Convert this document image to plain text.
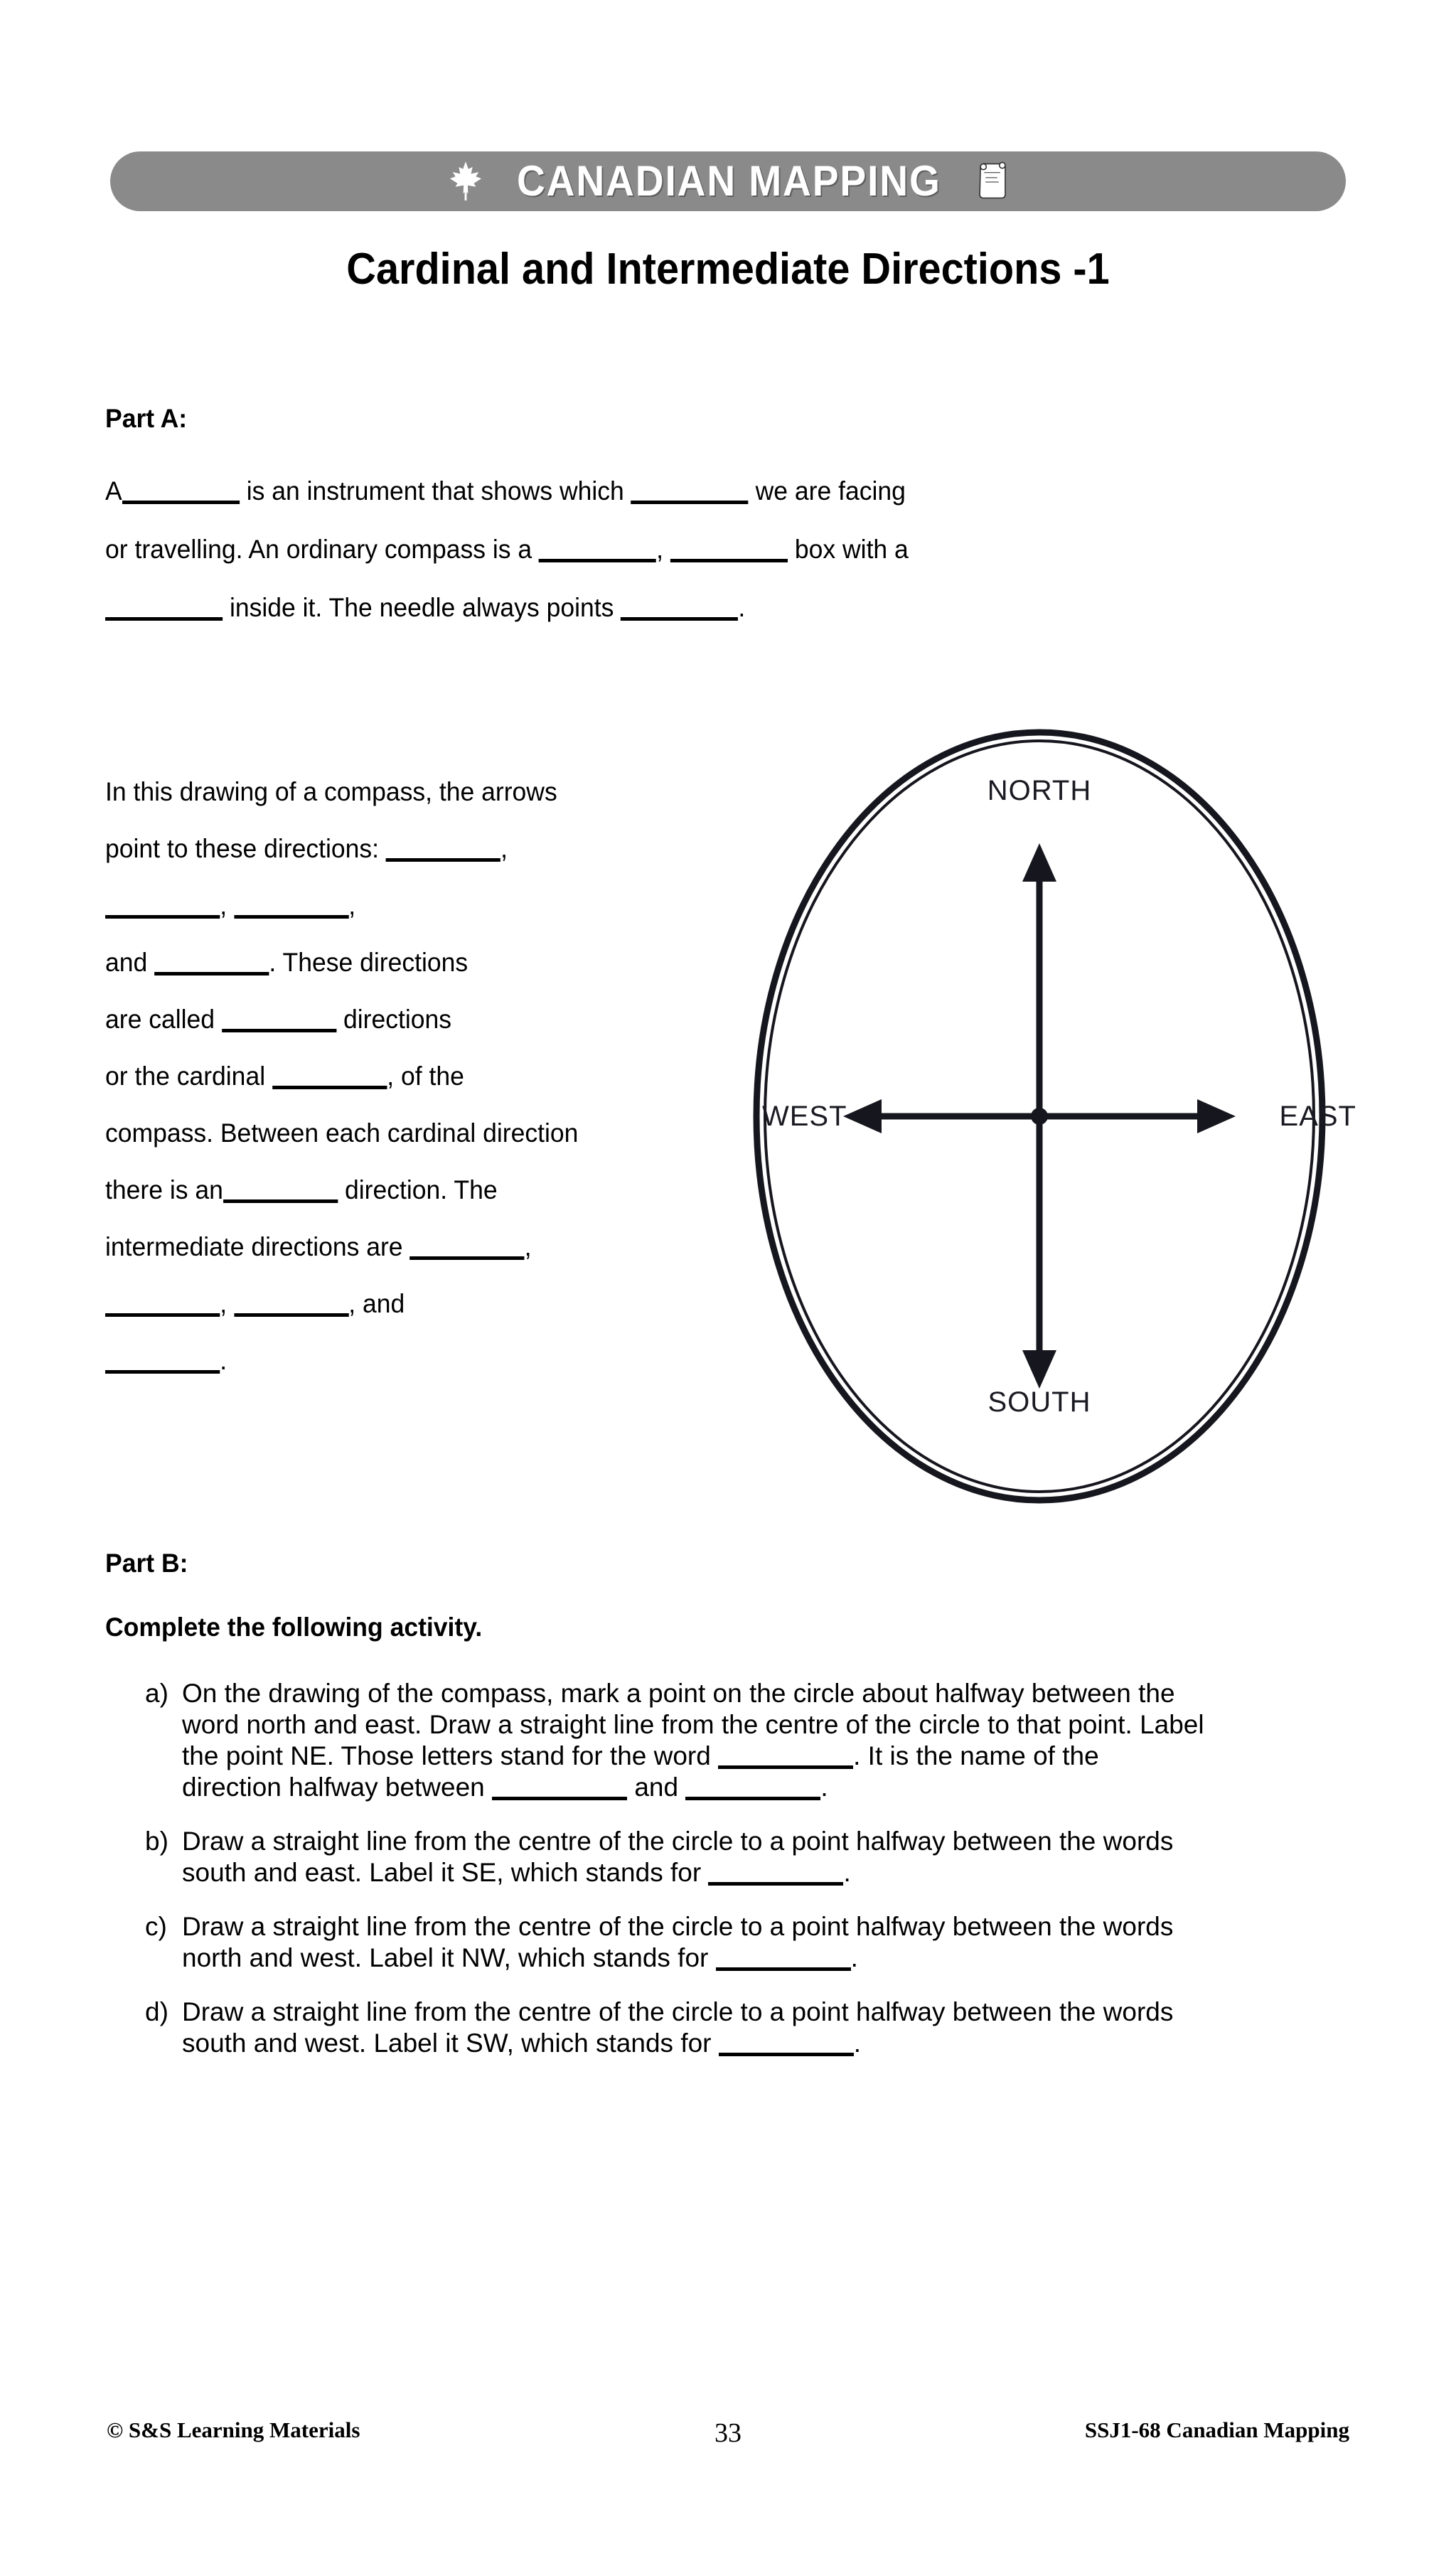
CANADIAN MAPPING
Cardinal and Intermediate Directions -1
Part A:
A	is an instrument that shows which	we are facing
or travelling. An ordinary compass is a	,	box with a
inside it. The needle always points	.
In this drawing of a compass, the arrows
point to these directions:	,
,	,
and	. These directions
are called	directions
or the cardinal	, of the
compass. Between each cardinal direction
there is an	direction. The
intermediate directions are	,
,	, and
.
NORTH
SOUTH
WEST	EAST
Part B:
Complete the following activity.
a) On the drawing of the compass, mark a point on the circle about halfway between the
word north and east. Draw a straight line from the centre of the circle to that point. Label
the point NE. Those letters stand for the word	. It is the name of the
direction halfway between	and	.
b) Draw a straight line from the centre of the circle to a point halfway between the words
south and east. Label it SE, which stands for	.
c) Draw a straight line from the centre of the circle to a point halfway between the words
north and west. Label it NW, which stands for	.
d) Draw a straight line from the centre of the circle to a point halfway between the words
south and west. Label it SW, which stands for	.
© S&S Learning Materials	33	SSJ1-68 Canadian Mapping
